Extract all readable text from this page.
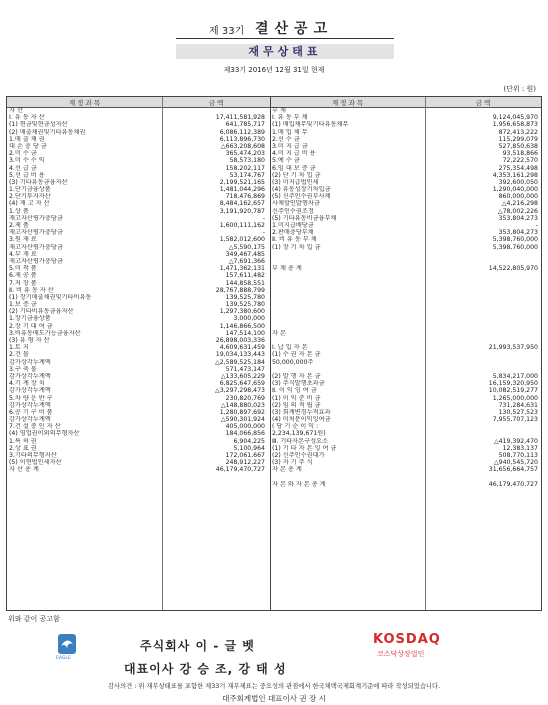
제 33기 결산공고
재무상태표
제33기 2016년 12월 31일 현재
(단위 : 원)
계 정 과 목	금 액	계 정 과 목	금 액
자 산
Ⅰ. 유 동 자 산	17,411,581,928
(1) 현금및현금성자산	641,785,717
(2) 매출채권및기타유동채권	6,086,112,389
1.매 출 채 권	6,113,896,730
대 손 충 당 금	△663,208,608
2.미 수 금	365,474,203
3.미 수 수 익	58,573,180
4.선 급 금	158,202,117
5.선 급 비 용	53,174,767
(3) 기타유동금융자산	2,199,521,165
1.단기금융상품	1,481,044,296
2.단기투자자산	718,476,869
(4) 재 고 자 산	8,484,162,657
1.상 품	3,191,920,787
재고자산평가충당금	-
2.제 품	1,600,111,162
재고자산평가충당금	-
3.원 재 료	1,582,012,600
재고자산평가충당금	△5,590,175
4.부 재 료	349,467,485
재고자산평가충당금	△7,691,366
5.미 착 품	1,471,362,131
6.재 공 품	157,611,482
7.저 장 품	144,858,551
Ⅱ. 비 유 동 자 산	28,767,888,799
(1) 장기매출채권및기타비유동	139,525,780
1.보 증 금	139,525,780
(2) 기타비유동금융자산	1,297,380,600
1.장기금융상품	3,000,000
2.장 기 대 여 금	1,146,866,500
3.비유동매도가능금융자산	147,514,100
(3) 유 형 자 산	26,898,003,336
1.토 지	4,609,631,459
2.건 물	19,034,133,443
감가상각누계액	△2,589,525,184
3.구 축 물	571,473,147
감가상각누계액	△133,605,229
4.기 계 장 치	6,825,647,659
감가상각누계액	△3,297,298,473
5.차 량 운 반 구	230,820,769
감가상각누계액	△148,880,023
6.공 기 구 비 품	1,280,897,692
감가상각누계액	△590,301,924
7.건 설 중 인 자 산	405,000,000
(4) 영업권이외의무형자산	184,066,856
1.특 허 권	6,904,225
2.상 표 권	5,100,964
3.기타의무형자산	172,061,667
(5) 이연법인세자산	248,912,227
자 산 총 계	46,179,470,727
부 채
Ⅰ. 유 동 부 채	9,124,045,970
(1) 매입채무및기타유동채무	1,956,658,873
1.매 입 채 무	872,413,222
2.선 수 금	115,299,079
3.미 지 급 금	527,850,638
4.미 지 급 비 용	93,518,866
5.예 수 금	72,222,570
6.임 대 보 증 금	275,354,498
(2) 단 기 차 입 금	4,353,161,298
(3) 미지급법인세	392,600,050
(4) 유동성장기차입금	1,290,040,000
(5) 신주인수권부사채	860,000,000
사채할인발행차금	△4,216,298
신주인수권조정	△78,002,226
(5) 기타유동비금융부채	353,804,273
1.미지급배당금	-
2.판매충당부채	353,804,273
Ⅱ. 비 유 동 부 채	5,398,760,000
(1) 장 기 차 입 금	5,398,760,000
부 채 총 계	14,522,805,970
자 본
Ⅰ. 납 입 자 본	21,993,537,950
(1) 수 권 자 본 금
50,000,000주
(2) 발 행 자 본 금	5,834,217,000
(3) 주식발행초과금	16,159,320,950
Ⅱ. 이 익 잉 여 금	10,082,519,277
(1) 이 익 준 비 금	1,265,000,000
(2) 임 의 적 립 금	731,284,631
(3) 회계변경누적효과	130,527,523
(4) 미처분이익잉여금	7,955,707,123
( 당 기 순 이 익 :
2,234,139,671원)
Ⅲ. 기타자본구성요소	△419,392,470
(1) 기 타 자 본 잉 여 금	12,383,137
(2) 신주인수권대가	508,770,113
(3) 자 기 주 식	△940,545,720
자 본 총 계	31,656,664,757
자 본 와 자 본 총 계	46,179,470,727
위와 같이 공고함
EAGLE
주식회사 이 - 글 벳
대표이사 강 승 조, 강 태 성
KOSDAQ
코스닥상장법인
감사의견 : 위 재무상태표를 포함한 제33기 재무제표는 중요성의 관점에서 한국채택국제회계기준에 따라 작성되었습니다.
대주회계법인 대표이사 권 장 시
